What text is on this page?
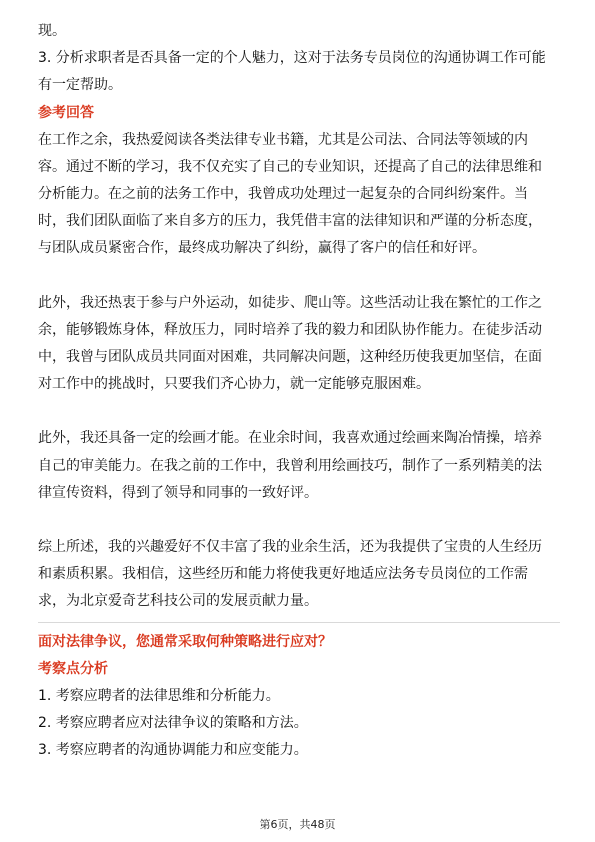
现。
3. 分析求职者是否具备一定的个人魅力，这对于法务专员岗位的沟通协调工作可能
有一定帮助。
参考回答
在工作之余，我热爱阅读各类法律专业书籍，尤其是公司法、合同法等领域的内
容。通过不断的学习，我不仅充实了自己的专业知识，还提高了自己的法律思维和
分析能力。在之前的法务工作中，我曾成功处理过一起复杂的合同纠纷案件。当
时，我们团队面临了来自多方的压力，我凭借丰富的法律知识和严谨的分析态度，
与团队成员紧密合作，最终成功解决了纠纷，赢得了客户的信任和好评。
此外，我还热衷于参与户外运动，如徒步、爬山等。这些活动让我在繁忙的工作之
余，能够锻炼身体，释放压力，同时培养了我的毅力和团队协作能力。在徒步活动
中，我曾与团队成员共同面对困难，共同解决问题，这种经历使我更加坚信，在面
对工作中的挑战时，只要我们齐心协力，就一定能够克服困难。
此外，我还具备一定的绘画才能。在业余时间，我喜欢通过绘画来陶冶情操，培养
自己的审美能力。在我之前的工作中，我曾利用绘画技巧，制作了一系列精美的法
律宣传资料，得到了领导和同事的一致好评。
综上所述，我的兴趣爱好不仅丰富了我的业余生活，还为我提供了宝贵的人生经历
和素质积累。我相信，这些经历和能力将使我更好地适应法务专员岗位的工作需
求，为北京爱奇艺科技公司的发展贡献力量。
面对法律争议，您通常采取何种策略进行应对？
考察点分析
1. 考察应聘者的法律思维和分析能力。
2. 考察应聘者应对法律争议的策略和方法。
3. 考察应聘者的沟通协调能力和应变能力。
第6页，共48页
